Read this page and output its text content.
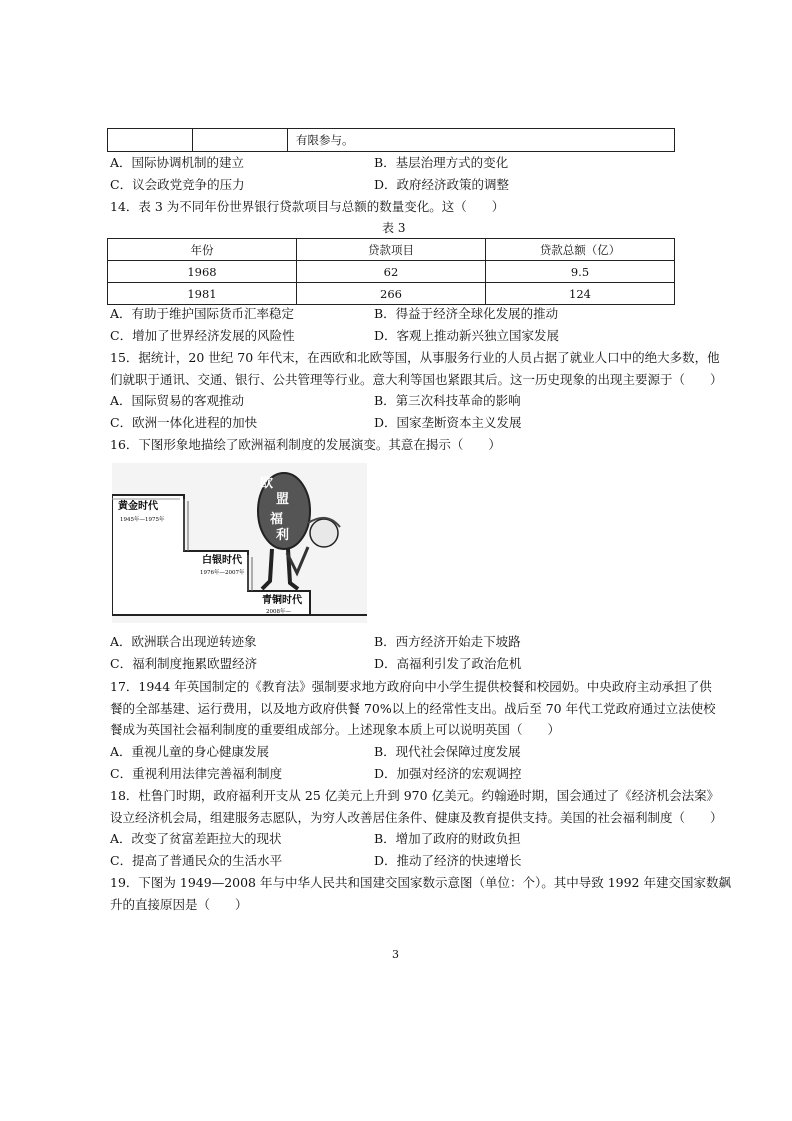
		有限参与。
A．国际协调机制的建立	B．基层治理方式的变化
C．议会政党竞争的压力	D．政府经济政策的调整
14．表 3 为不同年份世界银行贷款项目与总额的数量变化。这（　　）
表 3
年份	贷款项目	贷款总额（亿）
1968	62	9.5
1981	266	124
A．有助于维护国际货币汇率稳定	B．得益于经济全球化发展的推动
C．增加了世界经济发展的风险性	D．客观上推动新兴独立国家发展
15．据统计，20 世纪 70 年代末，在西欧和北欧等国，从事服务行业的人员占据了就业人口中的绝大多数，他
们就职于通讯、交通、银行、公共管理等行业。意大利等国也紧跟其后。这一历史现象的出现主要源于（　　）
A．国际贸易的客观推动	B．第三次科技革命的影响
C．欧洲一体化进程的加快	D．国家垄断资本主义发展
16．下图形象地描绘了欧洲福利制度的发展演变。其意在揭示（　　）
黄金时代
1945年—1975年
白银时代
1976年—2007年
青铜时代
2008年—
欧
盟
福
利
A．欧洲联合出现逆转迹象	B．西方经济开始走下坡路
C．福利制度拖累欧盟经济	D．高福利引发了政治危机
17．1944 年英国制定的《教育法》强制要求地方政府向中小学生提供校餐和校园奶。中央政府主动承担了供
餐的全部基建、运行费用，以及地方政府供餐 70%以上的经常性支出。战后至 70 年代工党政府通过立法使校
餐成为英国社会福利制度的重要组成部分。上述现象本质上可以说明英国（　　）
A．重视儿童的身心健康发展	B．现代社会保障过度发展
C．重视利用法律完善福利制度	D．加强对经济的宏观调控
18．杜鲁门时期，政府福利开支从 25 亿美元上升到 970 亿美元。约翰逊时期，国会通过了《经济机会法案》
设立经济机会局，组建服务志愿队，为穷人改善居住条件、健康及教育提供支持。美国的社会福利制度（　　）
A．改变了贫富差距拉大的现状	B．增加了政府的财政负担
C．提高了普通民众的生活水平	D．推动了经济的快速增长
19．下图为 1949—2008 年与中华人民共和国建交国家数示意图（单位：个）。其中导致 1992 年建交国家数飙
升的直接原因是（　　）
3
